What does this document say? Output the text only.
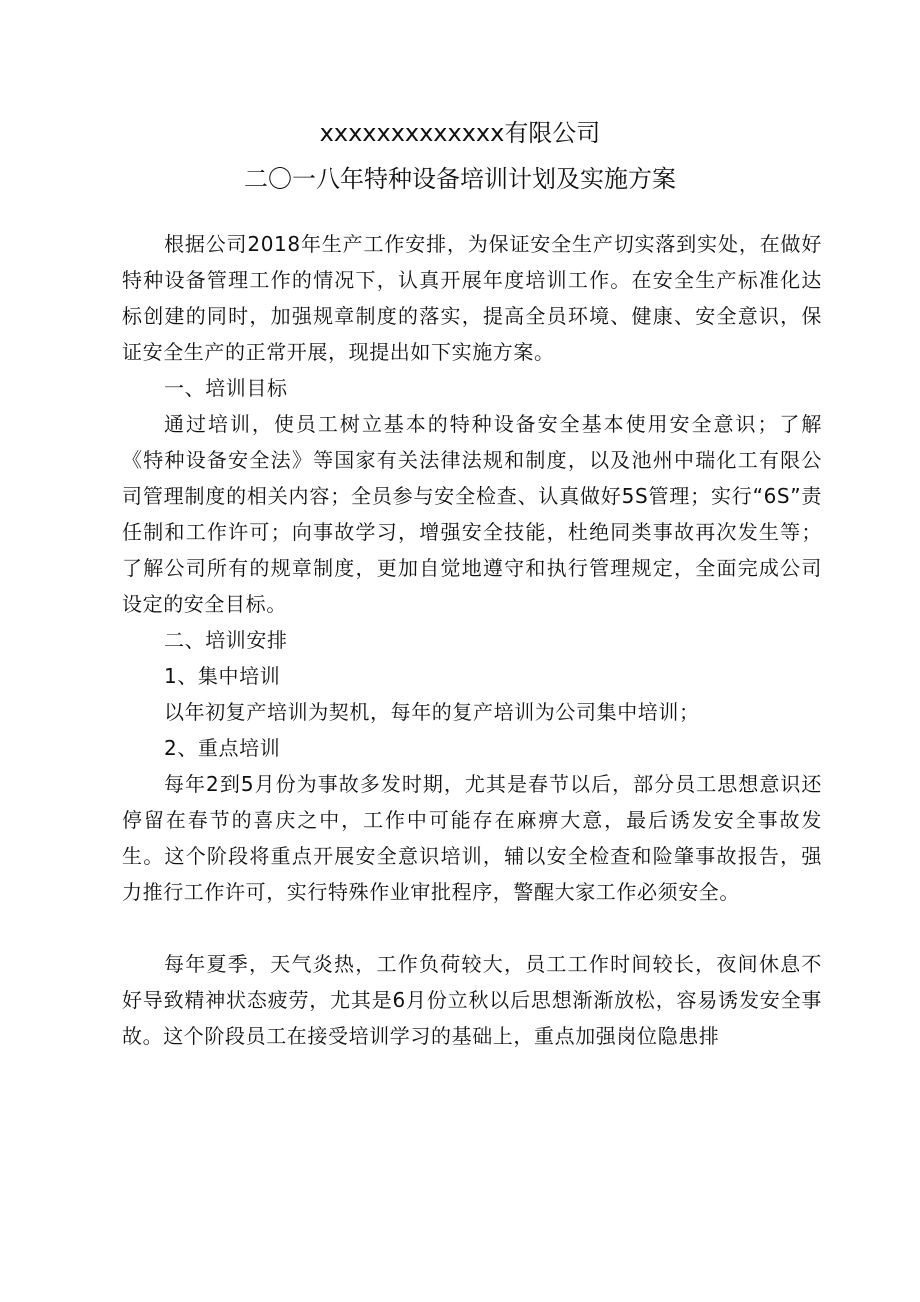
xxxxxxxxxxxxx有限公司
二〇一八年特种设备培训计划及实施方案

根据公司2018年生产工作安排，为保证安全生产切实落到实处，在做好特种设备管理工作的情况下，认真开展年度培训工作。在安全生产标准化达标创建的同时，加强规章制度的落实，提高全员环境、健康、安全意识，保证安全生产的正常开展，现提出如下实施方案。

一、培训目标

通过培训，使员工树立基本的特种设备安全基本使用安全意识；了解《特种设备安全法》等国家有关法律法规和制度，以及池州中瑞化工有限公司管理制度的相关内容；全员参与安全检查、认真做好5S管理；实行“6S”责任制和工作许可；向事故学习，增强安全技能，杜绝同类事故再次发生等；了解公司所有的规章制度，更加自觉地遵守和执行管理规定，全面完成公司设定的安全目标。

二、培训安排

1、集中培训

以年初复产培训为契机，每年的复产培训为公司集中培训；

2、重点培训

每年2到5月份为事故多发时期，尤其是春节以后，部分员工思想意识还停留在春节的喜庆之中，工作中可能存在麻痹大意，最后诱发安全事故发生。这个阶段将重点开展安全意识培训，辅以安全检查和险肇事故报告，强力推行工作许可，实行特殊作业审批程序，警醒大家工作必须安全。

每年夏季，天气炎热，工作负荷较大，员工工作时间较长，夜间休息不好导致精神状态疲劳，尤其是6月份立秋以后思想渐渐放松，容易诱发安全事故。这个阶段员工在接受培训学习的基础上，重点加强岗位隐患排
